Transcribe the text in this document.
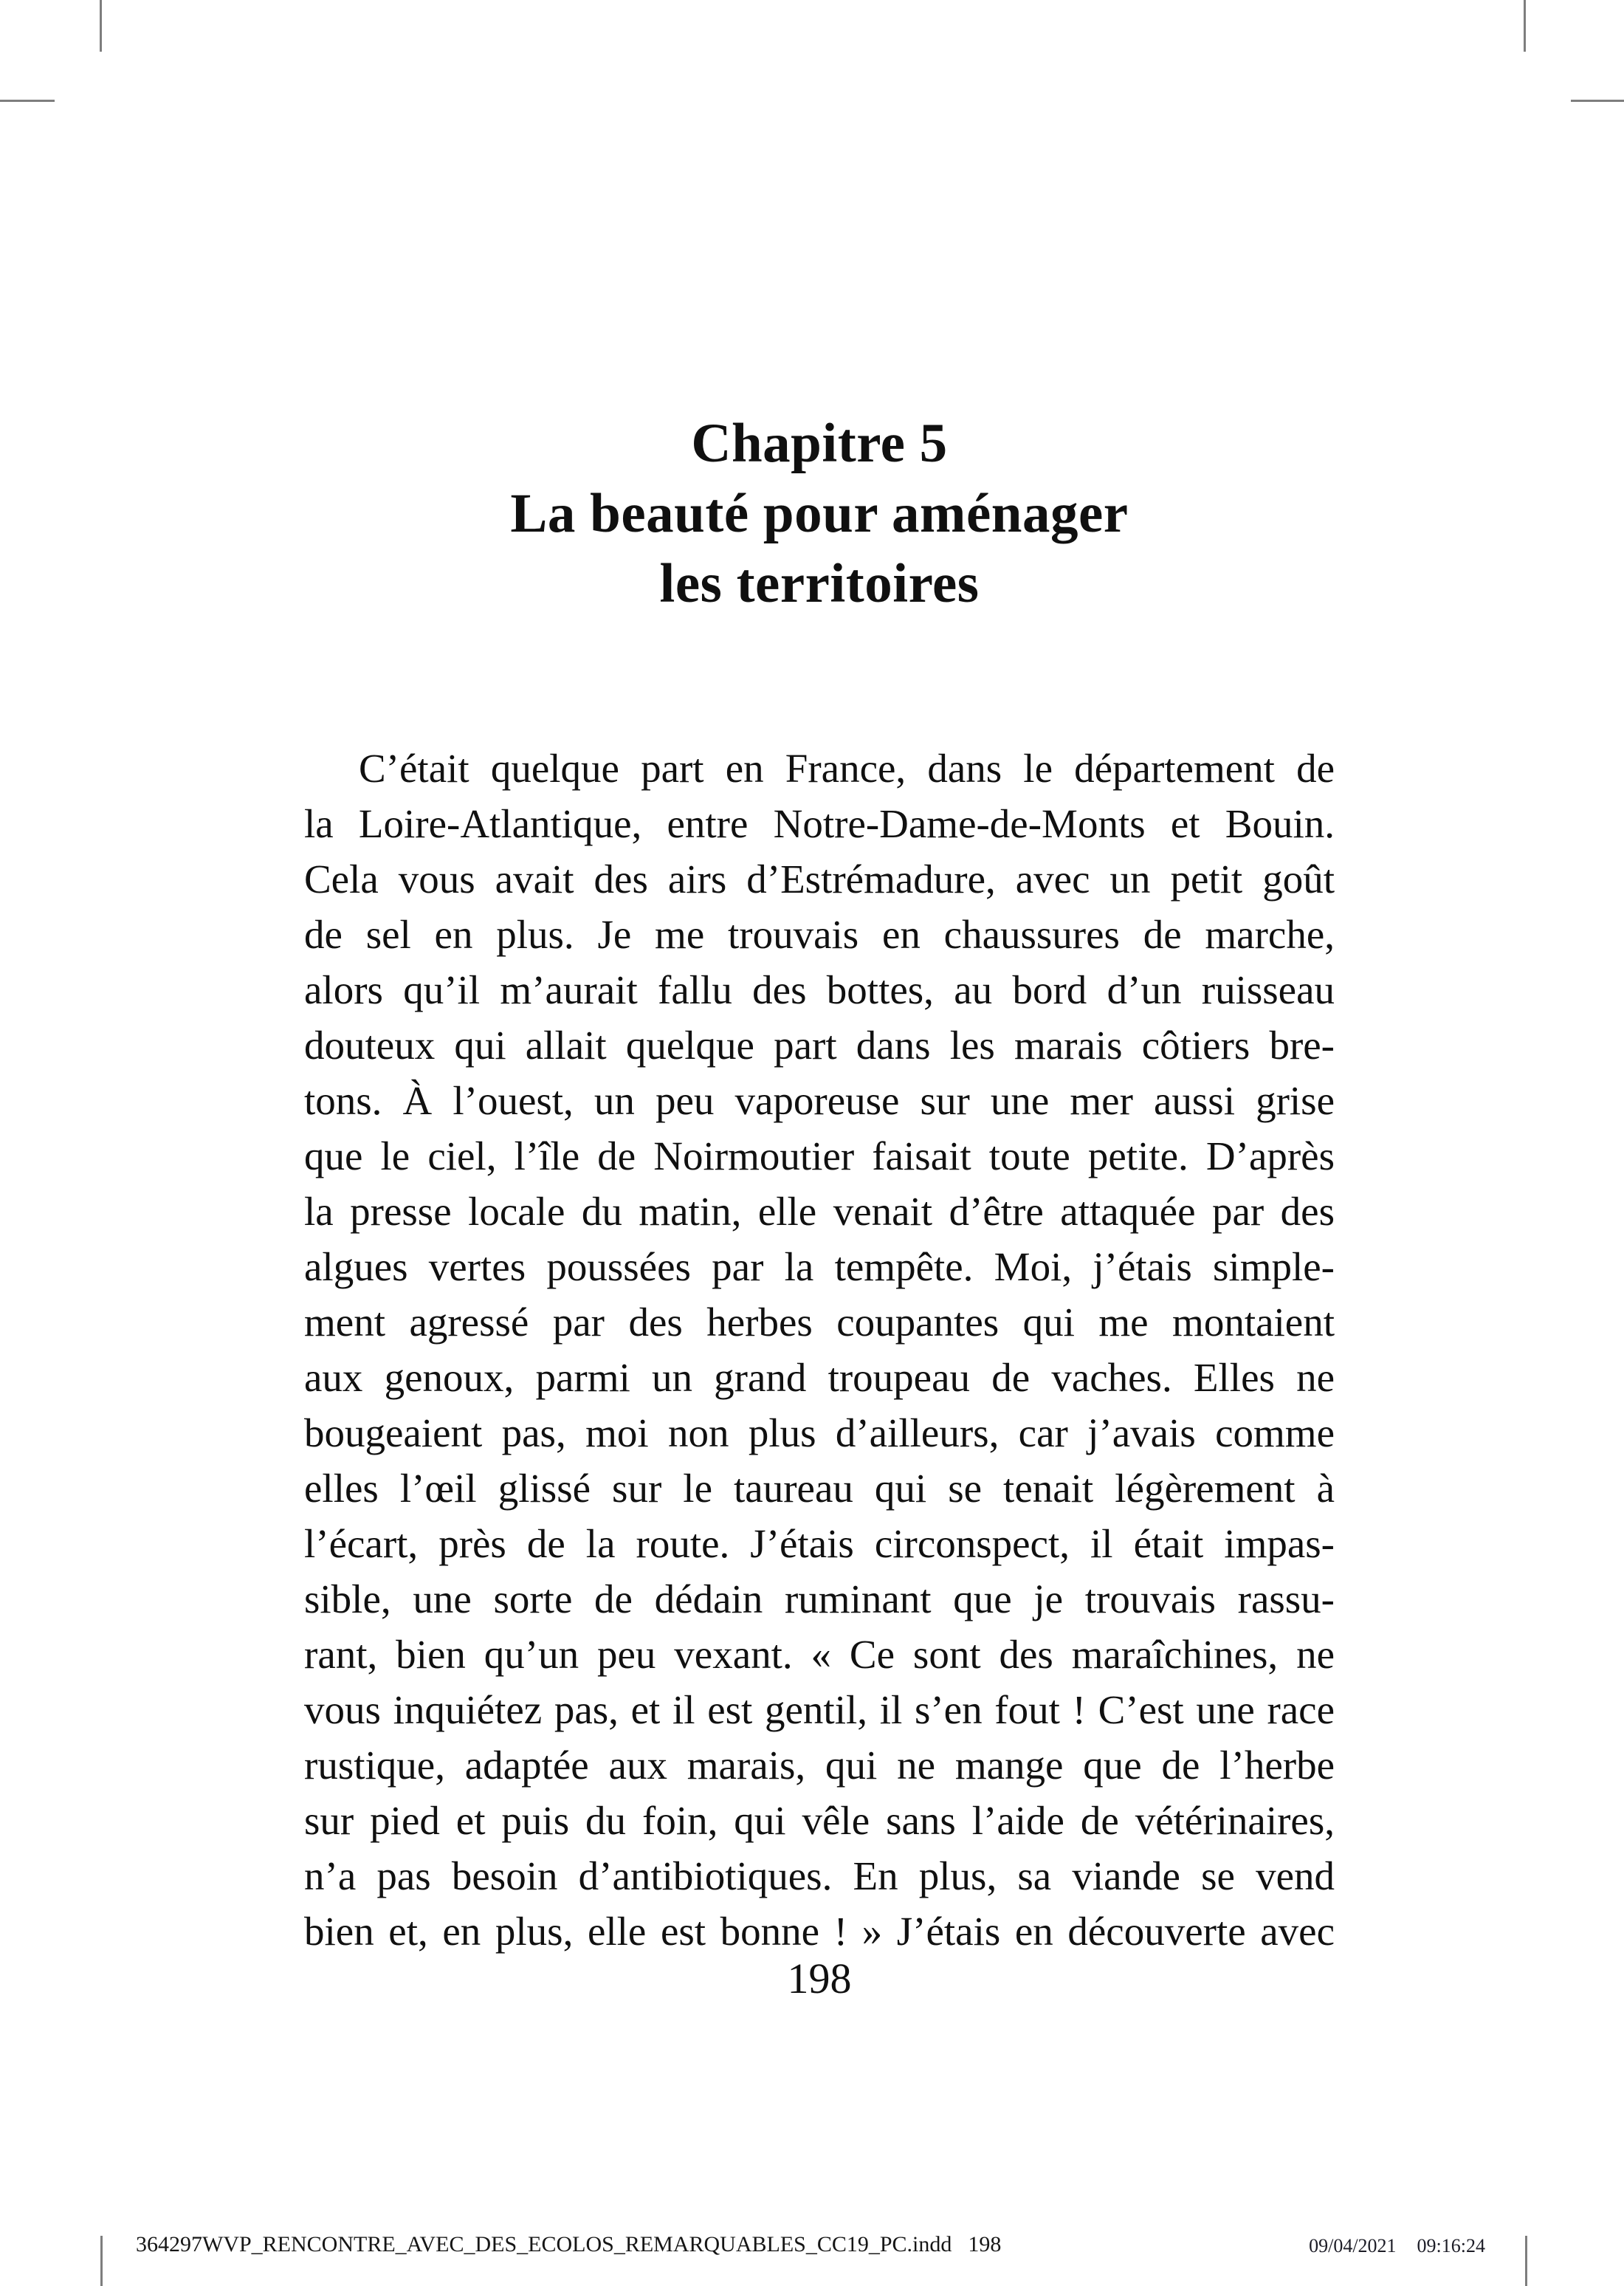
Chapitre 5
La beauté pour aménager
les territoires
C’était quelque part en France, dans le département de
la Loire-Atlantique, entre Notre-Dame-de-Monts et Bouin.
Cela vous avait des airs d’Estrémadure, avec un petit goût
de sel en plus. Je me trouvais en chaussures de marche,
alors qu’il m’aurait fallu des bottes, au bord d’un ruisseau
douteux qui allait quelque part dans les marais côtiers bre-
tons. À l’ouest, un peu vaporeuse sur une mer aussi grise
que le ciel, l’île de Noirmoutier faisait toute petite. D’après
la presse locale du matin, elle venait d’être attaquée par des
algues vertes poussées par la tempête. Moi, j’étais simple-
ment agressé par des herbes coupantes qui me montaient
aux genoux, parmi un grand troupeau de vaches. Elles ne
bougeaient pas, moi non plus d’ailleurs, car j’avais comme
elles l’œil glissé sur le taureau qui se tenait légèrement à
l’écart, près de la route. J’étais circonspect, il était impas-
sible, une sorte de dédain ruminant que je trouvais rassu-
rant, bien qu’un peu vexant. « Ce sont des maraîchines, ne
vous inquiétez pas, et il est gentil, il s’en fout ! C’est une race
rustique, adaptée aux marais, qui ne mange que de l’herbe
sur pied et puis du foin, qui vêle sans l’aide de vétérinaires,
n’a pas besoin d’antibiotiques. En plus, sa viande se vend
bien et, en plus, elle est bonne ! » J’étais en découverte avec
198
364297WVP_RENCONTRE_AVEC_DES_ECOLOS_REMARQUABLES_CC19_PC.indd 198	09/04/2021 09:16:24
